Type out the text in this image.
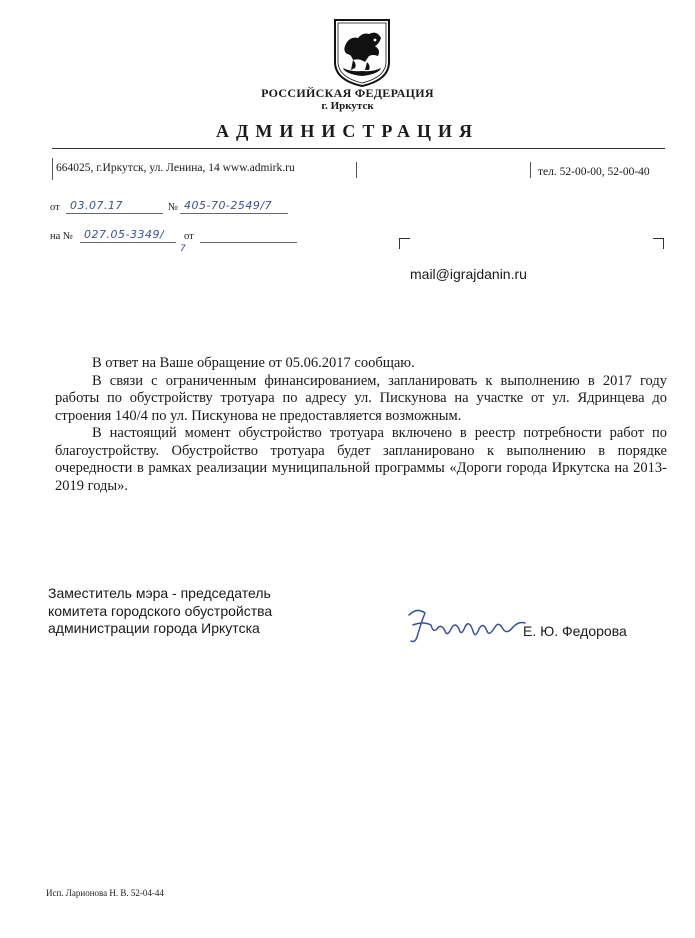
РОССИЙСКАЯ ФЕДЕРАЦИЯ
г. Иркутск
АДМИНИСТРАЦИЯ
664025, г.Иркутск, ул. Ленина, 14 www.admirk.ru	тел. 52-00-00, 52-00-40
от 03.07.17	№ 405-70-2549/7
на № 027.05-3349/
7
от
mail@igrajdanin.ru

В ответ на Ваше обращение от 05.06.2017 сообщаю.

В связи с ограниченным финансированием, запланировать к выполнению в 2017 году работы по обустройству тротуара по адресу ул. Пискунова на участке от ул. Ядринцева до строения 140/4 по ул. Пискунова не предоставляется возможным.

В настоящий момент обустройство тротуара включено в реестр потребности работ по благоустройству. Обустройство тротуара будет запланировано к выполнению в порядке очередности в рамках реализации муниципальной программы «Дороги города Иркутска на 2013-2019 годы».

Заместитель мэра - председатель
комитета городского обустройства
администрации города Иркутска	Е. Ю. Федорова
Исп. Ларионова Н. В. 52-04-44
